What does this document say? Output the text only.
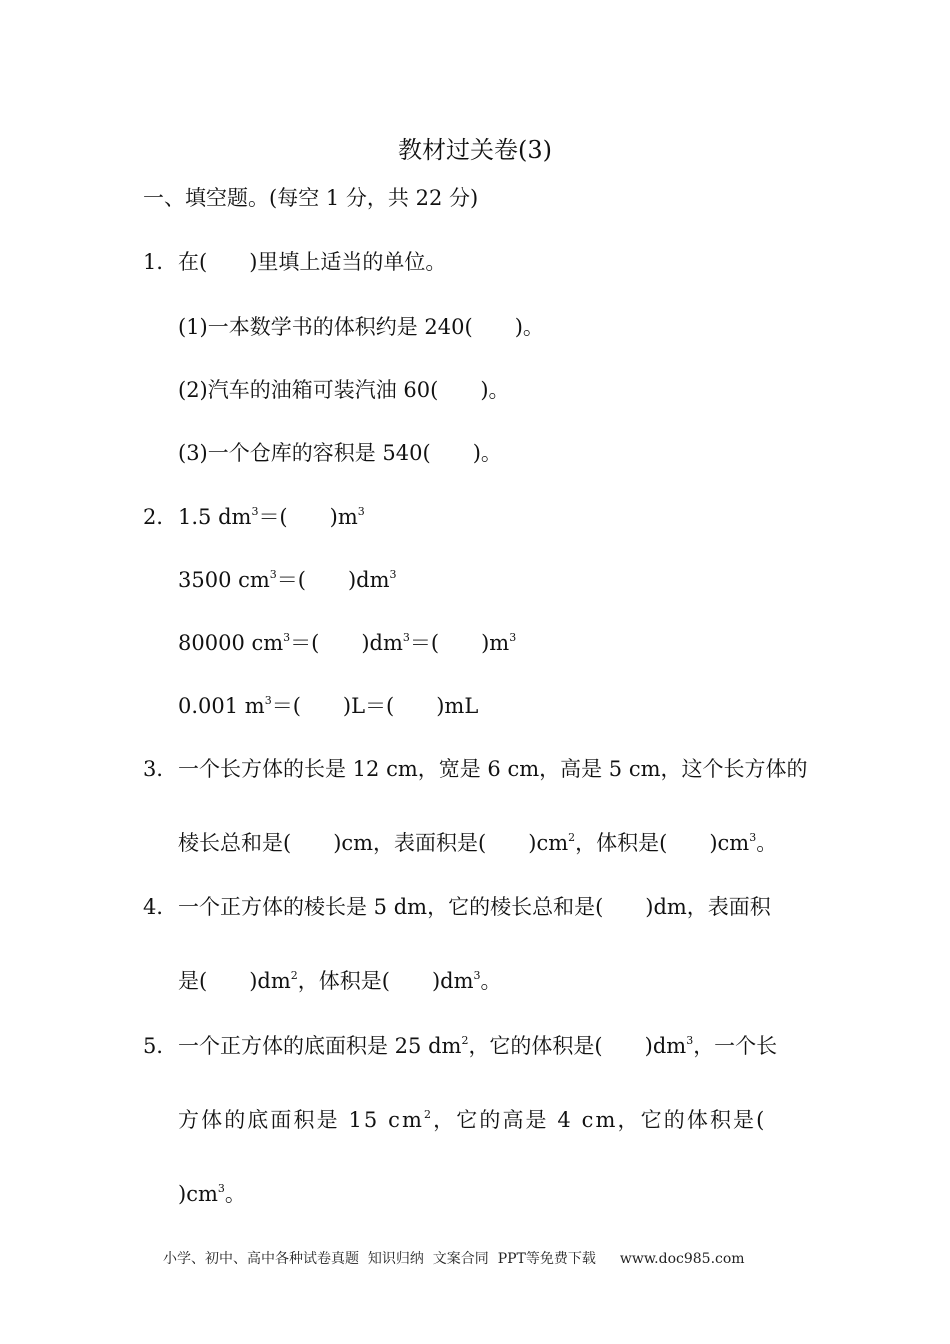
教材过关卷(3)
一、填空题。(每空 1 分，共 22 分)
1．在(　　)里填上适当的单位。
(1)一本数学书的体积约是 240(　　)。
(2)汽车的油箱可装汽油 60(　　)。
(3)一个仓库的容积是 540(　　)。
2．1.5 $dm^3=$(　　)$m^3$
3500 $cm^3=$(　　)$dm^3$
80000 $cm^3=$(　　)$dm^3=$(　　)$m^3$
0.001 $m^3=$(　　)L＝(　　)mL
3．一个长方体的长是 12 cm，宽是 6 cm，高是 5 cm，这个长方体的
棱长总和是(　　)cm，表面积是(　　)$cm^2$，体积是(　　)$cm^3$。
4．一个正方体的棱长是 5 dm，它的棱长总和是(　　)dm，表面积
是(　　)$dm^2$，体积是(　　)$dm^3$。
5．一个正方体的底面积是 25 $dm^2$，它的体积是(　　)$dm^3$，一个长
方体的底面积是 15 $cm^2$，它的高是 4 cm，它的体积是(
)$cm^3$。
小学、初中、高中各种试卷真题  知识归纳  文案合同  PPT等免费下载 www.doc985.com
